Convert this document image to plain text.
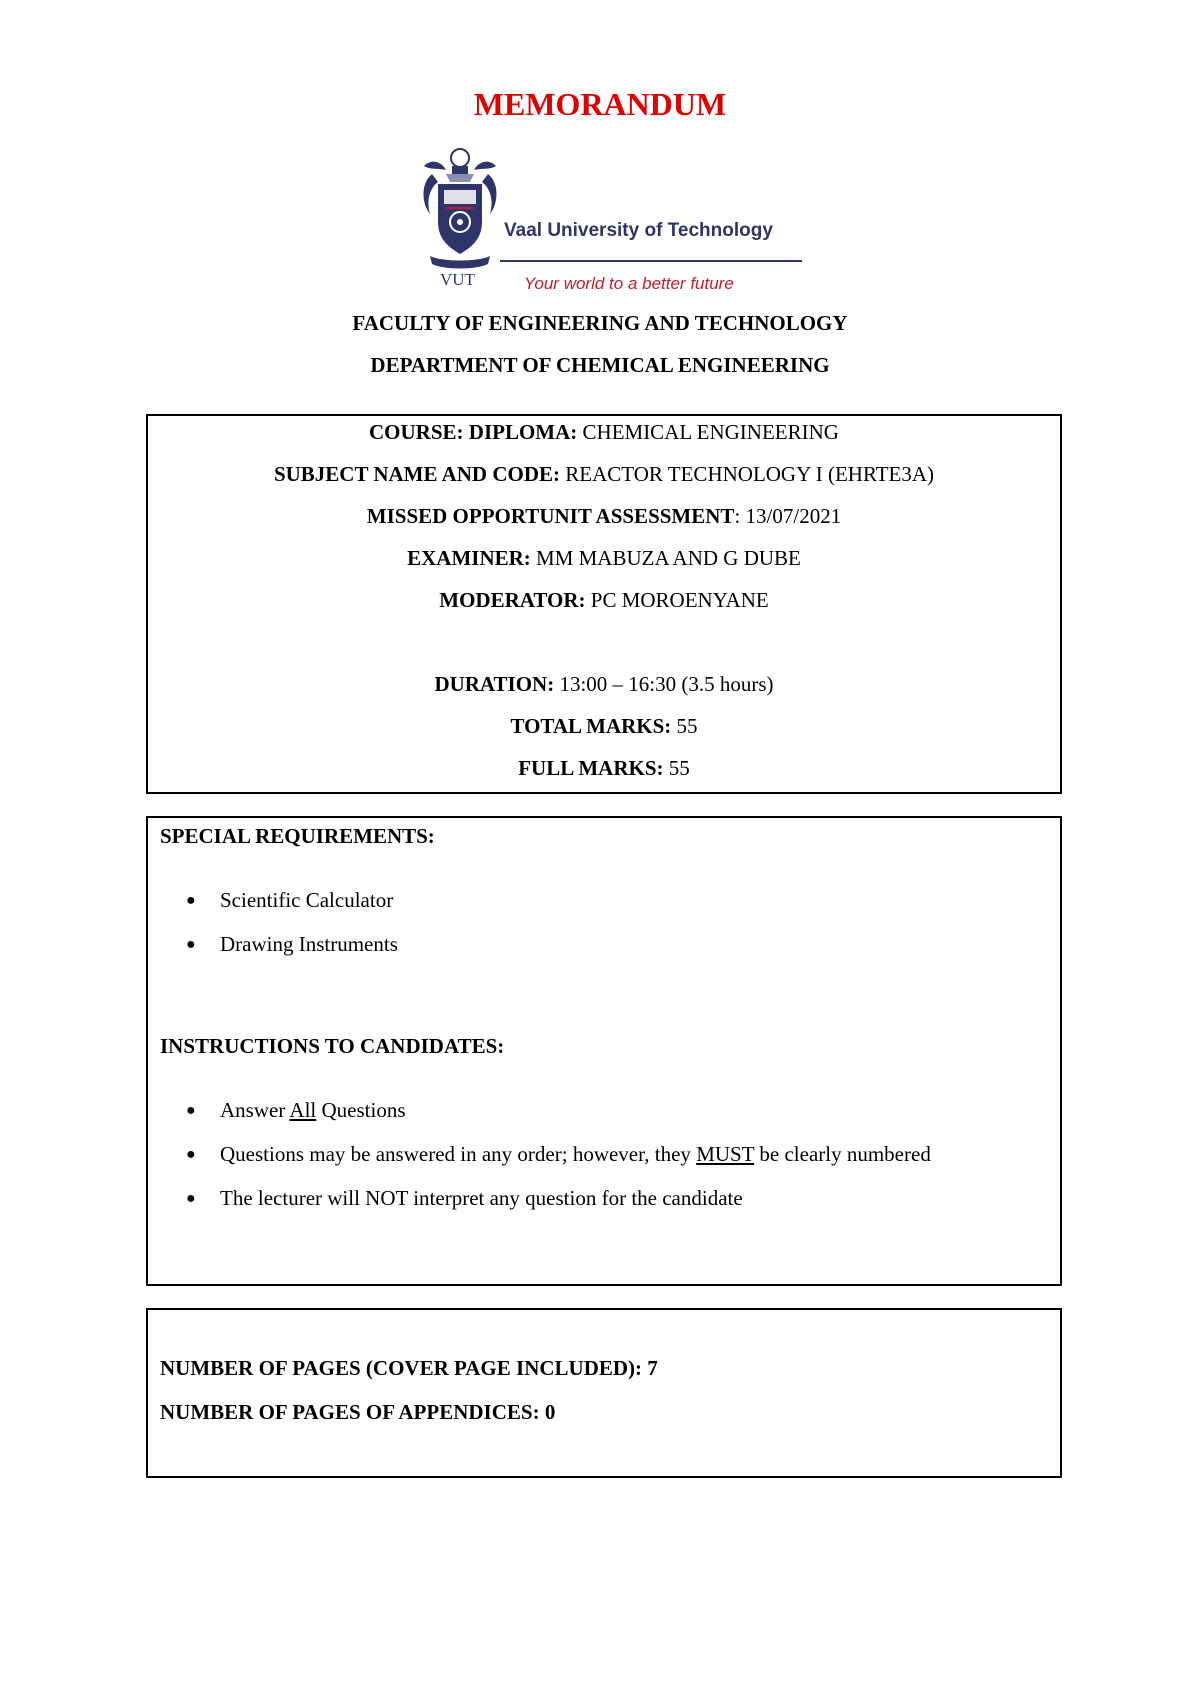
MEMORANDUM
VUT
Vaal University of Technology
Your world to a better future
FACULTY OF ENGINEERING AND TECHNOLOGY
DEPARTMENT OF CHEMICAL ENGINEERING
COURSE: DIPLOMA: CHEMICAL ENGINEERING
SUBJECT NAME AND CODE: REACTOR TECHNOLOGY I (EHRTE3A)
MISSED OPPORTUNIT ASSESSMENT: 13/07/2021
EXAMINER: MM MABUZA AND G DUBE
MODERATOR: PC MOROENYANE
DURATION: 13:00 – 16:30 (3.5 hours)
TOTAL MARKS: 55
FULL MARKS: 55
SPECIAL REQUIREMENTS:
● Scientific Calculator
● Drawing Instruments
INSTRUCTIONS TO CANDIDATES:
● Answer All Questions
● Questions may be answered in any order; however, they MUST be clearly numbered
● The lecturer will NOT interpret any question for the candidate
NUMBER OF PAGES (COVER PAGE INCLUDED): 7
NUMBER OF PAGES OF APPENDICES: 0
